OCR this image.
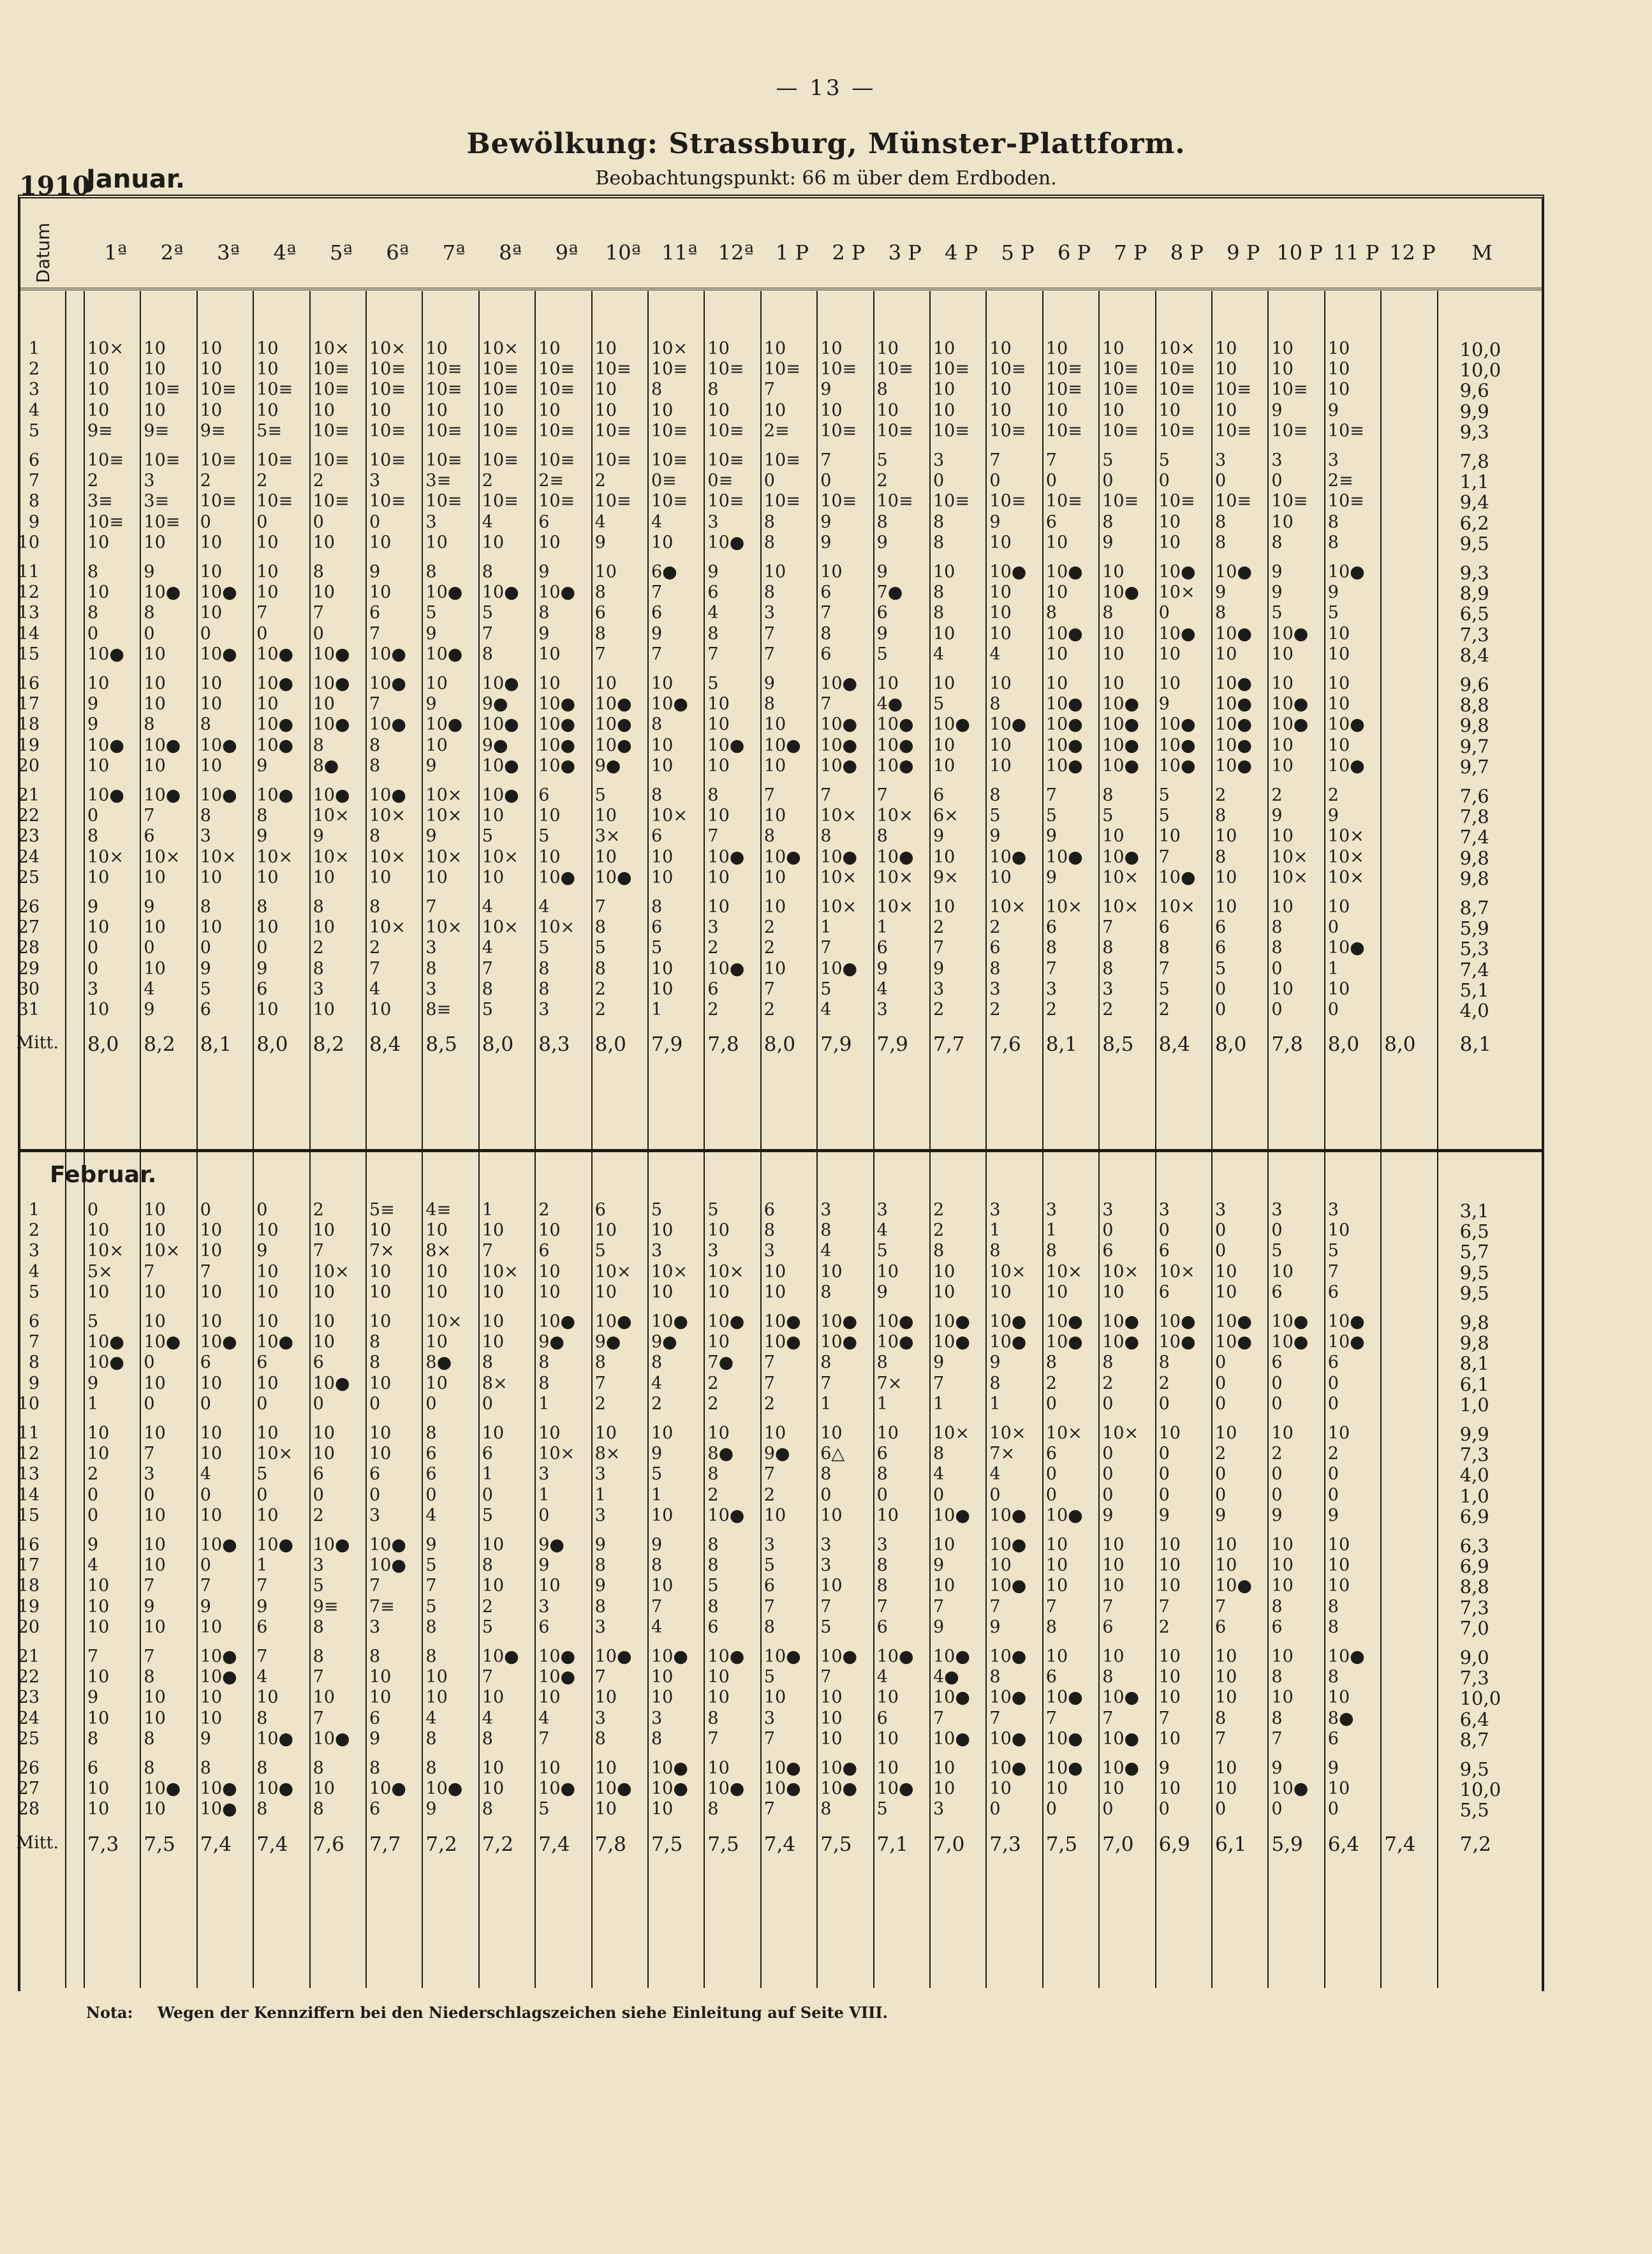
— 13 —
Bewölkung: Strassburg, Münster-Plattform.
Beobachtungspunkt: 66 m über dem Erdboden.
1910
Januar.
Datum	1ª	2ª	3ª	4ª	5ª	6ª	7ª	8ª	9ª	10ª	11ª	12ª	1 P	2 P	3 P	4 P	5 P	6 P	7 P	8 P	9 P 10 P 11 P 12 P	M
1	10× 10 10 10 10× 10× 10 10× 10 10 10× 10 10 10 10 10 10 10 10 10× 10 10 10	10,0
2	10 10 10 10 10≡ 10≡ 10≡ 10≡ 10≡ 10≡ 10≡ 10≡ 10≡ 10≡ 10≡ 10≡ 10≡ 10≡ 10≡ 10≡ 10 10 10	10,0
3	10 10≡ 10≡ 10≡ 10≡ 10≡ 10≡ 10≡ 10≡ 10 8	8	7	9	8	10 10 10≡ 10≡ 10≡ 10≡ 10≡ 10	9,6
4	10 10 10 10 10 10 10 10 10 10 10 10 10 10 10 10 10 10 10 10 10 9	9	9,9
5	9≡ 9≡ 9≡ 5≡ 10≡ 10≡ 10≡ 10≡ 10≡ 10≡ 10≡ 10≡ 2≡ 10≡ 10≡ 10≡ 10≡ 10≡ 10≡ 10≡ 10≡ 10≡ 10≡	9,3
6	10≡ 10≡ 10≡ 10≡ 10≡ 10≡ 10≡ 10≡ 10≡ 10≡ 10≡ 10≡ 10≡ 7	5	3	7	7	5	5	3	3	3	7,8
7	2	3	2	2	2	3	3≡ 2	2≡ 2	0≡ 0≡ 0	0	2	0	0	0	0	0	0	0	2≡	1,1
8	3≡ 3≡ 10≡ 10≡ 10≡ 10≡ 10≡ 10≡ 10≡ 10≡ 10≡ 10≡ 10≡ 10≡ 10≡ 10≡ 10≡ 10≡ 10≡ 10≡ 10≡ 10≡ 10≡	9,4
9	10≡ 10≡ 0	0	0	0	3	4	6	4	4	3	8	9	8	8	9	6	8	10 8	10 8	6,2
10	10 10 10 10 10 10 10 10 10 9	10 10● 8	9	9	8	10 10 9	10 8	8	8	9,5
11	8	9	10 10 8	9	8	8	9	10 6● 9	10 10 9	10 10● 10● 10 10● 10● 9	10●	9,3
12	10 10● 10● 10 10 10 10● 10● 10● 8	7	6	8	6	7● 8	10 10 10● 10× 9	9	9	8,9
13	8	8	10 7	7	6	5	5	8	6	6	4	3	7	6	8	10 8	8	0	8	5	5	6,5
14	0	0	0	0	0	7	9	7	9	8	9	8	7	8	9	10 10 10● 10 10● 10● 10● 10	7,3
15	10● 10 10● 10● 10● 10● 10● 8	10 7	7	7	7	6	5	4	4	10 10 10 10 10 10	8,4
16	10 10 10 10● 10● 10● 10 10● 10 10 10 5	9	10● 10 10 10 10 10 10 10● 10 10	9,6
17	9	10 10 10 10 7	9	9● 10● 10● 10● 10 8	7	4● 5	8	10● 10● 9	10● 10● 10	8,8
18	9	8	8	10● 10● 10● 10● 10● 10● 10● 8	10 10 10● 10● 10● 10● 10● 10● 10● 10● 10● 10●	9,8
19	10● 10● 10● 10● 8	8	10 9● 10● 10● 10 10● 10● 10● 10● 10 10 10● 10● 10● 10● 10 10	9,7
20	10 10 10 9	8● 8	9	10● 10● 9● 10 10 10 10● 10● 10 10 10● 10● 10● 10● 10 10●	9,7
21	10● 10● 10● 10● 10● 10● 10× 10● 6	5	8	8	7	7	7	6	8	7	8	5	2	2	2	7,6
22	0	7	8	8	10× 10× 10× 10 10 10 10× 10 10 10× 10× 6× 5	5	5	5	8	9	9	7,8
23	8	6	3	9	9	8	9	5	5	3× 6	7	8	8	8	9	9	9	10 10 10 10 10×	7,4
24	10× 10× 10× 10× 10× 10× 10× 10× 10 10 10 10● 10● 10● 10● 10 10● 10● 10● 7	8	10× 10×	9,8
25	10 10 10 10 10 10 10 10 10● 10● 10 10 10 10× 10× 9× 10 9	10× 10● 10 10× 10×	9,8
26	9	9	8	8	8	8	7	4	4	7	8	10 10 10× 10× 10 10× 10× 10× 10× 10 10 10	8,7
27	10 10 10 10 10 10× 10× 10× 10× 8	6	3	2	1	1	2	2	6	7	6	6	8	0	5,9
28	0	0	0	0	2	2	3	4	5	5	5	2	2	7	6	7	6	8	8	8	6	8	10●	5,3
29	0	10 9	9	8	7	8	7	8	8	10 10● 10 10● 9	9	8	7	8	7	5	0	1	7,4
30	3	4	5	6	3	4	3	8	8	2	10 6	7	5	4	3	3	3	3	5	0	10 10	5,1
31	10 9	6	10 10 10 8≡ 5	3	2	1	2	2	4	3	2	2	2	2	2	0	0	0	4,0
Mitt. 8,0 8,2 8,1 8,0 8,2 8,4 8,5 8,0 8,3 8,0 7,9 7,8 8,0 7,9 7,9 7,7 7,6 8,1 8,5 8,4 8,0 7,8 8,0 8,0 8,1
Februar.
1	0	10 0	0	2	5≡ 4≡ 1	2	6	5	5	6	3	3	2	3	3	3	3	3	3	3	3,1
2	10 10 10 10 10 10 10 10 10 10 10 10 8	8	4	2	1	1	0	0	0	0	10	6,5
3	10× 10× 10 9	7	7× 8× 7	6	5	3	3	3	4	5	8	8	8	6	6	0	5	5	5,7
4	5× 7	7	10 10× 10 10 10× 10 10× 10× 10× 10 10 10 10 10× 10× 10× 10× 10 10 7	9,5
5	10 10 10 10 10 10 10 10 10 10 10 10 10 8	9	10 10 10 10 6	10 6	6	9,5
6	5	10 10 10 10 10 10× 10 10● 10● 10● 10● 10● 10● 10● 10● 10● 10● 10● 10● 10● 10● 10●	9,8
7	10● 10● 10● 10● 10 8	10 10 9● 9● 9● 10 10● 10● 10● 10● 10● 10● 10● 10● 10● 10● 10●	9,8
8	10● 0	6	6	6	8	8● 8	8	8	8	7● 7	8	8	9	9	8	8	8	0	6	6	8,1
9	9	10 10 10 10● 10 10 8× 8	7	4	2	7	7	7× 7	8	2	2	2	0	0	0	6,1
10	1	0	0	0	0	0	0	0	1	2	2	2	2	1	1	1	1	0	0	0	0	0	0	1,0
11	10 10 10 10 10 10 8	10 10 10 10 10 10 10 10 10× 10× 10× 10× 10 10 10 10	9,9
12	10 7	10 10× 10 10 6	6	10× 8× 9	8● 9● 6△ 6	8	7× 6	0	0	2	2	2	7,3
13	2	3	4	5	6	6	6	1	3	3	5	8	7	8	8	4	4	0	0	0	0	0	0	4,0
14	0	0	0	0	0	0	0	0	1	1	1	2	2	0	0	0	0	0	0	0	0	0	0	1,0
15	0	10 10 10 2	3	4	5	0	3	10 10● 10 10 10 10● 10● 10● 9	9	9	9	9	6,9
16	9	10 10● 10● 10● 10● 9	10 9● 9	9	8	3	3	3	10 10● 10 10 10 10 10 10	6,3
17	4	10 0	1	3	10● 5	8	9	8	8	8	5	3	8	9	10 10 10 10 10 10 10	6,9
18	10 7	7	7	5	7	7	10 10 9	10 5	6	10 8	10 10● 10 10 10 10● 10 10	8,8
19	10 9	9	9	9≡ 7≡ 5	2	3	8	7	8	7	7	7	7	7	7	7	7	7	8	8	7,3
20	10 10 10 6	8	3	8	5	6	3	4	6	8	5	6	9	9	8	6	2	6	6	8	7,0
21	7	7	10● 7	8	8	8	10● 10● 10● 10● 10● 10● 10● 10● 10● 10● 10 10 10 10 10 10●	9,0
22	10 8	10● 4	7	10 10 7	10● 7	10 10 5	7	4	4● 8	6	8	10 10 8	8	7,3
23	9	10 10 10 10 10 10 10 10 10 10 10 10 10 10 10● 10● 10● 10● 10 10 10 10	10,0
24	10 10 10 8	7	6	4	4	4	3	3	8	3	10 6	7	7	7	7	7	8	8	8●	6,4
25	8	8	9	10● 10● 9	8	8	7	8	8	7	7	10 10 10● 10● 10● 10● 10 7	7	6	8,7
26	6	8	8	8	8	8	8	10 10 10 10● 10 10● 10● 10 10 10● 10● 10● 9	10 9	9	9,5
27	10 10● 10● 10● 10 10● 10● 10 10● 10● 10● 10● 10● 10● 10● 10 10 10 10 10 10 10● 10	10,0
28	10 10 10● 8	8	6	9	8	5	10 10 8	7	8	5	3	0	0	0	0	0	0	0	5,5
Mitt. 7,3 7,5 7,4 7,4 7,6 7,7 7,2 7,2 7,4 7,8 7,5 7,5 7,4 7,5 7,1 7,0 7,3 7,5 7,0 6,9 6,1 5,9 6,4 7,4 7,2
Nota: Wegen der Kennziffern bei den Niederschlagszeichen siehe Einleitung auf Seite VIII.
